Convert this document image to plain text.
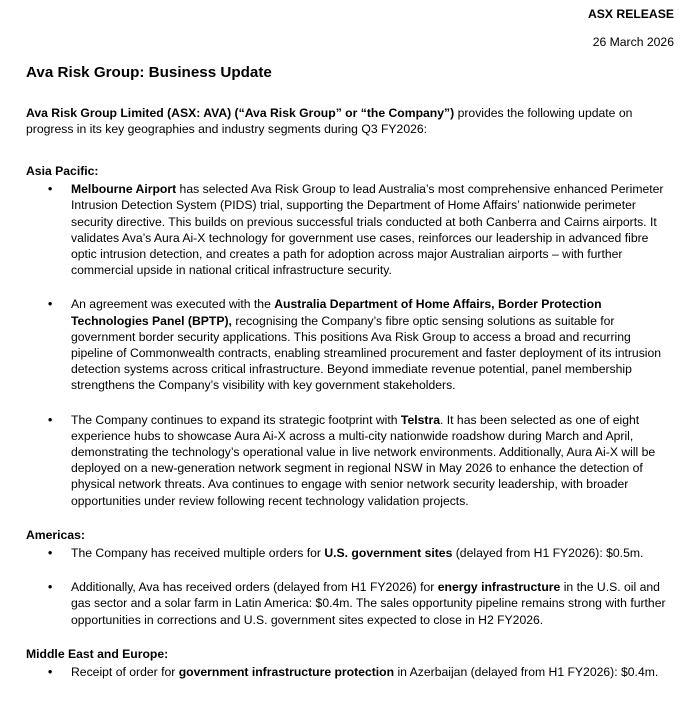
ASX RELEASE
26 March 2026
Ava Risk Group: Business Update

Ava Risk Group Limited (ASX: AVA) (“Ava Risk Group” or “the Company”) provides the following update on progress in its key geographies and industry segments during Q3 FY2026:

Asia Pacific:

• Melbourne Airport has selected Ava Risk Group to lead Australia’s most comprehensive enhanced Perimeter Intrusion Detection System (PIDS) trial, supporting the Department of Home Affairs’ nationwide perimeter security directive. This builds on previous successful trials conducted at both Canberra and Cairns airports. It validates Ava’s Aura Ai-X technology for government use cases, reinforces our leadership in advanced fibre optic intrusion detection, and creates a path for adoption across major Australian airports – with further commercial upside in national critical infrastructure security.
• An agreement was executed with the Australia Department of Home Affairs, Border Protection Technologies Panel (BPTP), recognising the Company’s fibre optic sensing solutions as suitable for government border security applications. This positions Ava Risk Group to access a broad and recurring pipeline of Commonwealth contracts, enabling streamlined procurement and faster deployment of its intrusion detection systems across critical infrastructure. Beyond immediate revenue potential, panel membership strengthens the Company’s visibility with key government stakeholders.
• The Company continues to expand its strategic footprint with Telstra. It has been selected as one of eight experience hubs to showcase Aura Ai-X across a multi-city nationwide roadshow during March and April, demonstrating the technology’s operational value in live network environments. Additionally, Aura Ai-X will be deployed on a new-generation network segment in regional NSW in May 2026 to enhance the detection of physical network threats. Ava continues to engage with senior network security leadership, with broader opportunities under review following recent technology validation projects.

Americas:

• The Company has received multiple orders for U.S. government sites (delayed from H1 FY2026): $0.5m.
• Additionally, Ava has received orders (delayed from H1 FY2026) for energy infrastructure in the U.S. oil and gas sector and a solar farm in Latin America: $0.4m. The sales opportunity pipeline remains strong with further opportunities in corrections and U.S. government sites expected to close in H2 FY2026.

Middle East and Europe:

• Receipt of order for government infrastructure protection in Azerbaijan (delayed from H1 FY2026): $0.4m.
